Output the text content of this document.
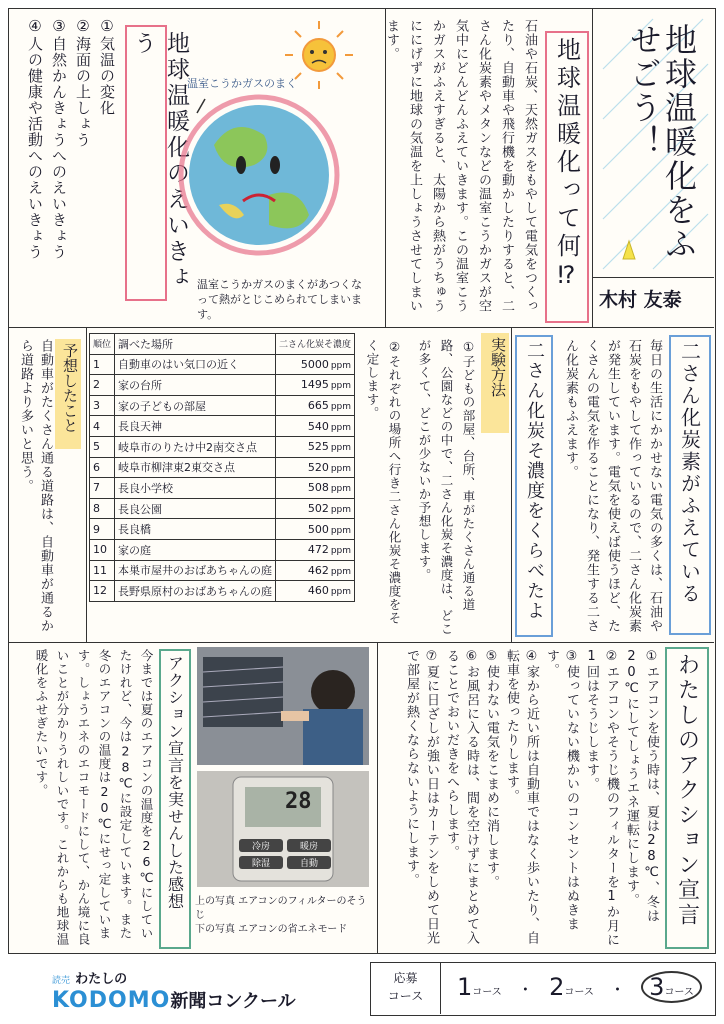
地球温暖化をふせごう！
木村 友泰
地球温暖化って何⁉
石油や石炭、天然ガスをもやして電気をつくったり、自動車や飛行機を動かしたりすると、二さん化炭素やメタンなどの温室こうかガスが空気中にどんどんふえていきます。この温室こうかガスがふえすぎると、太陽から熱がうちゅうににげずに地球の気温を上しょうさせてしまいます。
地球温暖化のえいきょう
①気温の変化
②海面の上しょう
③自然かんきょうへのえいきょう
④人の健康や活動へのえいきょう	温室こうかガスのまく
温室こうかガスのまくがあつくなって熱がとじこめられてしまいます。
二さん化炭素がふえている
毎日の生活にかかせない電気の多くは、石油や石炭をもやして作っているので、二さん化炭素が発生しています。電気を使えば使うほど、たくさんの電気を作ることになり、発生する二さん化炭素もふえます。
二さん化炭そ濃度をくらべたよ
実験方法
①子どもの部屋、台所、車がたくさん通る道路、公園などの中で、二さん化炭そ濃度は、どこが多くて、どこが少ないか予想します。
②それぞれの場所へ行き二さん化炭そ濃度をそく定します。
順位	調べた場所	二さん化炭そ濃度
1	自動車のはい気口の近く	5000 ppm
2	家の台所	1495 ppm
3	家の子どもの部屋	665 ppm
4	長良天神	540 ppm
5	岐阜市のりたけ中2南交さ点	525 ppm
6	岐阜市柳津東2東交さ点	520 ppm
7	長良小学校	508 ppm
8	長良公園	502 ppm
9	長良橋	500 ppm
10	家の庭	472 ppm
11	本巣市屋井のおばあちゃんの庭	462 ppm
12	長野県原村のおばあちゃんの庭	460 ppm
予想したこと
自動車がたくさん通る道路は、自動車が通るから道路より多いと思う。
わたしのアクション宣言
①エアコンを使う時は、夏は28℃、冬は20℃にしてしょうエネ運転にします。
②エアコンやそうじ機のフィルターを1か月に1回はそうじします。
③使っていない機かいのコンセントはぬきます。
④家から近い所は自動車ではなく歩いたり、自転車を使ったりします。
⑤使わない電気をこまめに消します。
⑥お風呂に入る時は、間を空けずにまとめて入ることでおいだきをへらします。
⑦夏に日ざしが強い日はカーテンをしめて日光で部屋が熱くならないようにします。
28
冷房	暖房
除湿	自動
上の写真 エアコンのフィルターのそうじ
下の写真 エアコンの省エネモード
アクション宣言を実せんした感想
今までは夏のエアコンの温度を26℃にしていたけれど、今は28℃に設定しています。また冬のエアコンの温度は20℃にせっ定しています。しょうエネのエコモードにして、かん境に良いことが分かりうれしいです。これからも地球温暖化をふせぎたいです。
読売 わたしの
KODOMO新聞コンクール
応募
コース	1コース ・ 2コース ・ 3コース
